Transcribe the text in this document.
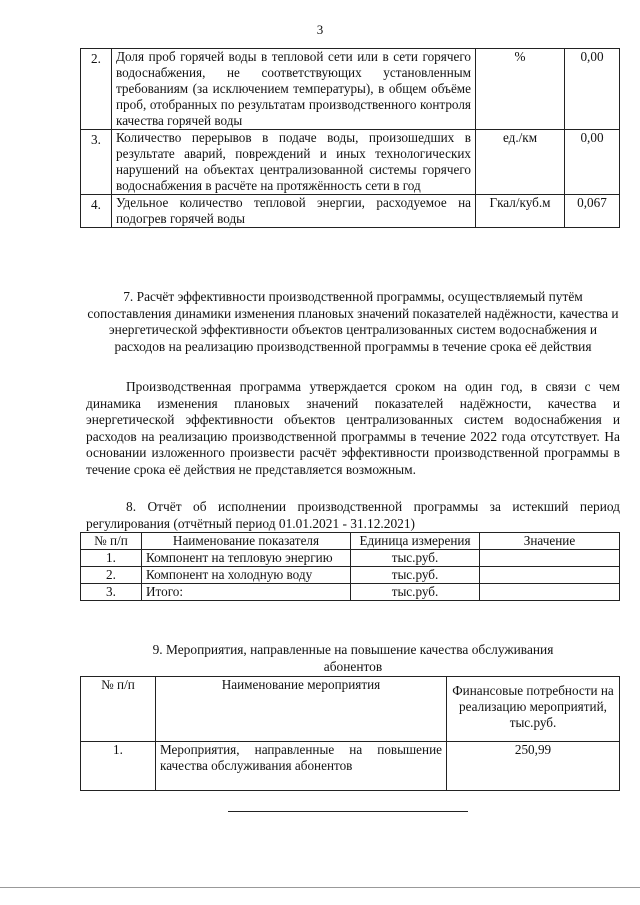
3
2.	Доля проб горячей воды в тепловой сети или в сети горячего водоснабжения, не соответствующих установленным требованиям (за исключением температуры), в общем объёме проб, отобранных по результатам производственного контроля качества горячей воды	%	0,00
3.	Количество перерывов в подаче воды, произошедших в результате аварий, повреждений и иных технологических нарушений на объектах централизованной системы горячего водоснабжения в расчёте на протяжённость сети в год	ед./км	0,00
4.	Удельное количество тепловой энергии, расходуемое на подогрев горячей воды	Гкал/куб.м	0,067
7. Расчёт эффективности производственной программы, осуществляемый путём сопоставления динамики изменения плановых значений показателей надёжности, качества и энергетической эффективности объектов централизованных систем водоснабжения и расходов на реализацию производственной программы в течение срока её действия
Производственная программа утверждается сроком на один год, в связи с чем динамика изменения плановых значений показателей надёжности, качества и энергетической эффективности объектов централизованных систем водоснабжения и расходов на реализацию производственной программы в течение 2022 года отсутствует. На основании изложенного произвести расчёт эффективности производственной программы в течение срока её действия не представляется возможным.
8. Отчёт об исполнении производственной программы за истекший период регулирования (отчётный период 01.01.2021 - 31.12.2021)
№ п/п	Наименование показателя	Единица измерения	Значение
1.	Компонент на тепловую энергию	тыс.руб.	
2.	Компонент на холодную воду	тыс.руб.	
3.	Итого:	тыс.руб.	
9. Мероприятия, направленные на повышение качества обслуживания абонентов
№ п/п	Наименование мероприятия	Финансовые потребности на реализацию мероприятий, тыс.руб.
1.	Мероприятия, направленные на повышение качества обслуживания абонентов	250,99
